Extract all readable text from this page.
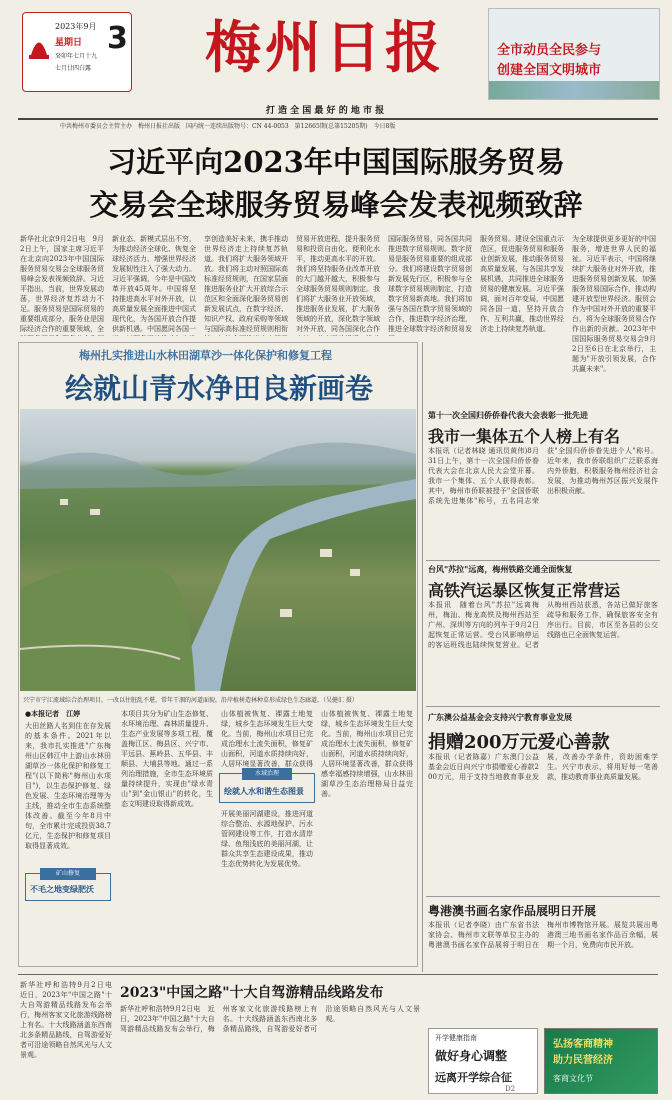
2023年9月
星期日
癸卯年七月十九
七月廿四白露
3	梅州日报
打 造 全 国 最 好 的 地 市 报
全市动员全民参与
创建全国文明城市
中共梅州市委员会主管主办　梅州日报社出版　国内统一连续出版物号：CN 44-0053　第12665期(总第15205期)　今日8版
习近平向2023年中国国际服务贸易
交易会全球服务贸易峰会发表视频致辞
新华社北京9月2日电　9月2日上午，国家主席习近平在北京向2023年中国国际服务贸易交易会全球服务贸易峰会发表视频致辞。习近平指出，当前，世界发展动荡，世界经济复苏动力不足。服务贸易是国际贸易的重要组成部分，服务业是国际经济合作的重要领域，全
新业态、新模式层出不穷，为推动经济全球化、恢复全球经济活力、增强世界经济发展韧性注入了强大动力。习近平强调，今年是中国改革开放45周年。中国将坚持推进高水平对外开放，以高质量发展全面推进中国式现代化，为各国开放合作提供新机遇。中国愿同各国一
享创造美好未来，携手推动世界经济走上持续复苏轨道。我们将扩大服务领域开放。我们将主动对照国际高标准经贸规则，在国家层面推进服务业扩大开放综合示范区和全面深化服务贸易创新发展试点，在数字经济、知识产权、政府采购等领域与国际高标准经贸规则相衔
贸易开放进程，提升服务贸易和投资自由化、便利化水平，推动更高水平的开放。我们将坚持服务业改革开放的大门越开越大，积极参与全球服务贸易规则制定。我们将扩大服务业开放领域，推进服务业发展，扩大服务领域的开放，深化数字领域对外开放，同各国深化合作
国际服务贸易，同各国共同推进数字贸易规则。数字贸易是服务贸易重要的组成部分。我们将建设数字贸易创新发展先行区，积极参与全球数字贸易规则制定，打造数字贸易新高地。我们将加强与各国在数字贸易领域的合作，推进数字经济治理，推进全球数字经济和贸易发
服务贸易。建设全国重点示范区，促进服务贸易和服务业创新发展，推动服务贸易高质量发展，与各国共享发展机遇，共同推进全球服务贸易的健康发展。习近平强调，面对百年变局，中国愿同各国一道，坚持开放合作、互利共赢，推动世界经济走上持续复苏轨道。
为全球提供更多更好的中国服务，增进世界人民的福祉。习近平表示，中国将继续扩大服务业对外开放，推进服务贸易创新发展，加强服务贸易国际合作，推动构建开放型世界经济。服贸会作为中国对外开放的重要平台，将为全球服务贸易合作作出新的贡献。2023年中国国际服务贸易交易会9月2日至6日在北京举行，主题为"开放引领发展，合作共赢未来"。
梅州扎实推进山水林田湖草沙一体化保护和修复工程
绘就山青水净田良新画卷
兴宁市宁江流域综合治理项目，一改以往脏乱不堪、常年干涸的河道面貌，沿岸植树造林种草形成绿色生态廊道。（吴健汇 摄）
●本报记者　江婷
大田丝路人名到住在存发展的基本条件。2021年以来，我市扎实推进"广东梅州山区韩江中上游山水林田湖草沙一体化保护和修复工程"(以下简称"梅州山水项目")，以生态保护修复、绿色发展、生态环境治理等为主线，推动全市生态系统整体改善。截至今年8月中旬，全市累计完成投资38.7亿元，生态保护和修复项目取得显著成效。
矿山修复
不毛之地变绿肥沃
本项目共分为矿山生态修复、水环境治理、森林质量提升、生态产业发展等多项工程，覆盖梅江区、梅县区、兴宁市、平远县、蕉岭县、五华县、丰顺县、大埔县等地。通过一系列治理措施，全市生态环境质量持续提升，实现由"绿水青山"到"金山银山"的转化，生态文明建设取得新成效。
山体植被恢复、裸露土地复绿，城乡生态环境发生巨大变化。当前，梅州山水项目已完成治理水土流失面积，修复矿山面积，河道水质持续向好，人居环境显著改善，群众获得
水域治理
绘就人水和谐生态图景
开展美丽河湖建设，推进河道综合整治、水源地保护、污水管网建设等工作，打造水清岸绿、鱼翔浅底的美丽河湖，让群众共享生态建设成果，推动生态优势转化为发展优势。
山体植被恢复、裸露土地复绿，城乡生态环境发生巨大变化。当前，梅州山水项目已完成治理水土流失面积，修复矿山面积，河道水质持续向好，人居环境显著改善，群众获得感幸福感持续增强，山水林田湖草沙生态治理格局日益完善。
第十一次全国归侨侨眷代表大会表彰一批先进
我市一集体五个人榜上有名
本报讯（记者林晓 通讯员黄伟)8月31日上午，第十一次全国归侨侨眷代表大会在北京人民大会堂开幕。我市一个集体、五个人获得表彰。其中，梅州市侨联被授予"全国侨联系统先进集体"称号，五名同志荣获"全国归侨侨眷先进个人"称号。近年来，我市侨联组织广泛联系海内外侨胞，积极服务梅州经济社会发展，为推动梅州苏区振兴发展作出积极贡献。
台风"苏拉"远离，梅州铁路交通全面恢复
高铁汽运暴区恢复正常营运
本报讯　随着台风"苏拉"远离梅州，梅汕、梅龙高铁及梅州西站至广州、深圳等方向的列车于9月2日起恢复正常运营。受台风影响停运的客运班线也陆续恢复营业。记者从梅州西站获悉，各站已做好旅客疏导和服务工作，确保旅客安全有序出行。目前，市区至各县的公交线路也已全面恢复运营。
广东澳公益基金会支持兴宁教育事业发展
捐赠200万元爱心善款
本报讯（记者陈嘉）广东澳门公益基金会近日向兴宁市捐赠爱心善款200万元，用于支持当地教育事业发展，改善办学条件，资助困难学生。兴宁市表示，将用好每一笔善款，推动教育事业高质量发展。
粤港澳书画名家作品展明日开展
本报讯（记者李晓）由广东省书法家协会、梅州市文联等单位主办的粤港澳书画名家作品展将于明日在梅州市博物馆开展。展览共展出粤港澳三地书画名家作品百余幅，展期一个月，免费向市民开放。
新华社呼和浩特9月2日电　近日，2023年"中国之路"十大自驾游精品线路发布会举行，梅州客家文化旅游线路榜上有名。十大线路涵盖东西南北多条精品路线，自驾游爱好者可沿途领略自然风光与人文景观。
2023"中国之路"十大自驾游精品线路发布
新华社呼和浩特9月2日电　近日，2023年"中国之路"十大自驾游精品线路发布会举行，梅州客家文化旅游线路榜上有名。十大线路涵盖东西南北多条精品路线，自驾游爱好者可沿途领略自然风光与人文景观。
开学健康指南
做好身心调整
远离开学综合征
D2
弘扬客商精神
助力民营经济
客商文化节
